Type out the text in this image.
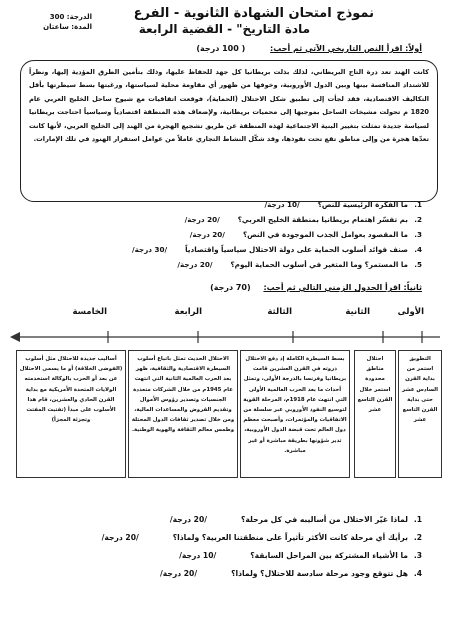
الدرجة: 300
المدة: ساعتان
نموذج امتحان الشهادة الثانوية - الفرع
مادة التاريخ" - القضية الرابعة
أولاً: اقرأ النص التاريخي الآتي ثم أجب: ( 100 درجة)
كانت الهند تعد درة التاج البريطاني، لذلك بذلت بريطانيا كل جهد للحفاظ عليها، وذلك بتأمين الطرق المؤدية إليها، ونظراً للاشتداد المنافسة بينها وبين الدول الأوروبية، وخوفها من ظهور أي مقاومة محلية لسياستها، ورغبتها بسط سيطرتها بأقل التكاليف الاقتصادية، فقد لجأت إلى تطبيق شكل الاحتلال (الحماية)، فوقعت اتفاقيات مع شيوخ ساحل الخليج العربي عام 1820 م تحولت مشيخات الساحل بموجبها إلى محميات بريطانية، ولإضعاف هذه المنطقة اقتصادياً وسياسياً احتاجت بريطانيا لسياسة جديدة تمثلت بتغيير البنية الاجتماعية لهذه المنطقة عن طريق تشجيع الهجرة من الهند إلى الخليج العربي، لأنها كانت تعدّها هجرة من وإلى مناطق تقع تحت نفوذها، وقد شكّل النشاط التجاري عاملاً من عوامل استقرار الهنود في تلك الإمارات.
1.ما الفكرة الرئيسية للنص؟/10 درجة/
2.بم تفسّر اهتمام بريطانيا بمنطقة الخليج العربي؟/20 درجة/
3.ما المقصود بعوامل الجذب الموجودة في النص؟/20 درجة/
4.صنف فوائد أسلوب الحماية على دولة الاحتلال سياسياً واقتصادياً/30 درجة/
5.ما المستمر؟ وما المتغير في أسلوب الحماية اليوم؟/20 درجة/
ثانياً: اقرأ الجدول الزمني التالي ثم أجب: (70 درجة)
الأولى
الثانية
الثالثة
الرابعة
الخامسة
التطويق استمر من بداية القرن السادس عشر حتى بداية القرن التاسع عشر
احتلال مناطق محدودة استمر خلال القرن التاسع عشر
بسط السيطرة الكاملة إذ دفع الاحتلال ذروته في القرن العشرين قامت بريطانيا وفرنسا بالدرجة الأولى، وتمثل أحداث ما بعد الحرب العالمية الأولى التي انتهت عام 1918م، المرحلة القوية لتوسيع النفوذ الأوروبي عبر سلسلة من الاتفاقيات والمؤتمرات، وأصبحت معظم دول العالم تحت قبضة الدول الأوروبية، تدير شؤونها بطريقة مباشرة أو غير مباشرة.
الاحتلال الحديث تمثل باتباع أسلوب السيطرة الاقتصادية والثقافية، ظهر بعد الحرب العالمية الثانية التي انتهت عام 1945م من خلال الشركات متعددة الجنسيات وتصدير رؤوس الأموال وتقديم القروض والمساعدات المالية، ومن خلال تصدير ثقافات الدول المحتلة وطمس معالم الثقافة والهوية الوطنية.
أساليب جديدة للاحتلال مثل أسلوب (الفوضى الخلاقة) أو ما يسمى الاحتلال عن بعد أو الحرب بالوكالة استخدمته الولايات المتحدة الأمريكية مع بداية القرن الحادي والعشرين، قام هذا الأسلوب على مبدأ (تفتيت المفتت وتجزئة المجزأ)
1.لماذا غيّر الاحتلال من أساليبه في كل مرحلة؟/20 درجة/
2.برأيك أي مرحلة كانت الأكثر تأثيراً على منطقتنا العربية؟ ولماذا؟/20 درجة/
3.ما الأشياء المشتركة بين المراحل السابقة؟/10 درجة/
4.هل تتوقع وجود مرحلة سادسة للاحتلال؟ ولماذا؟/20 درجة/
